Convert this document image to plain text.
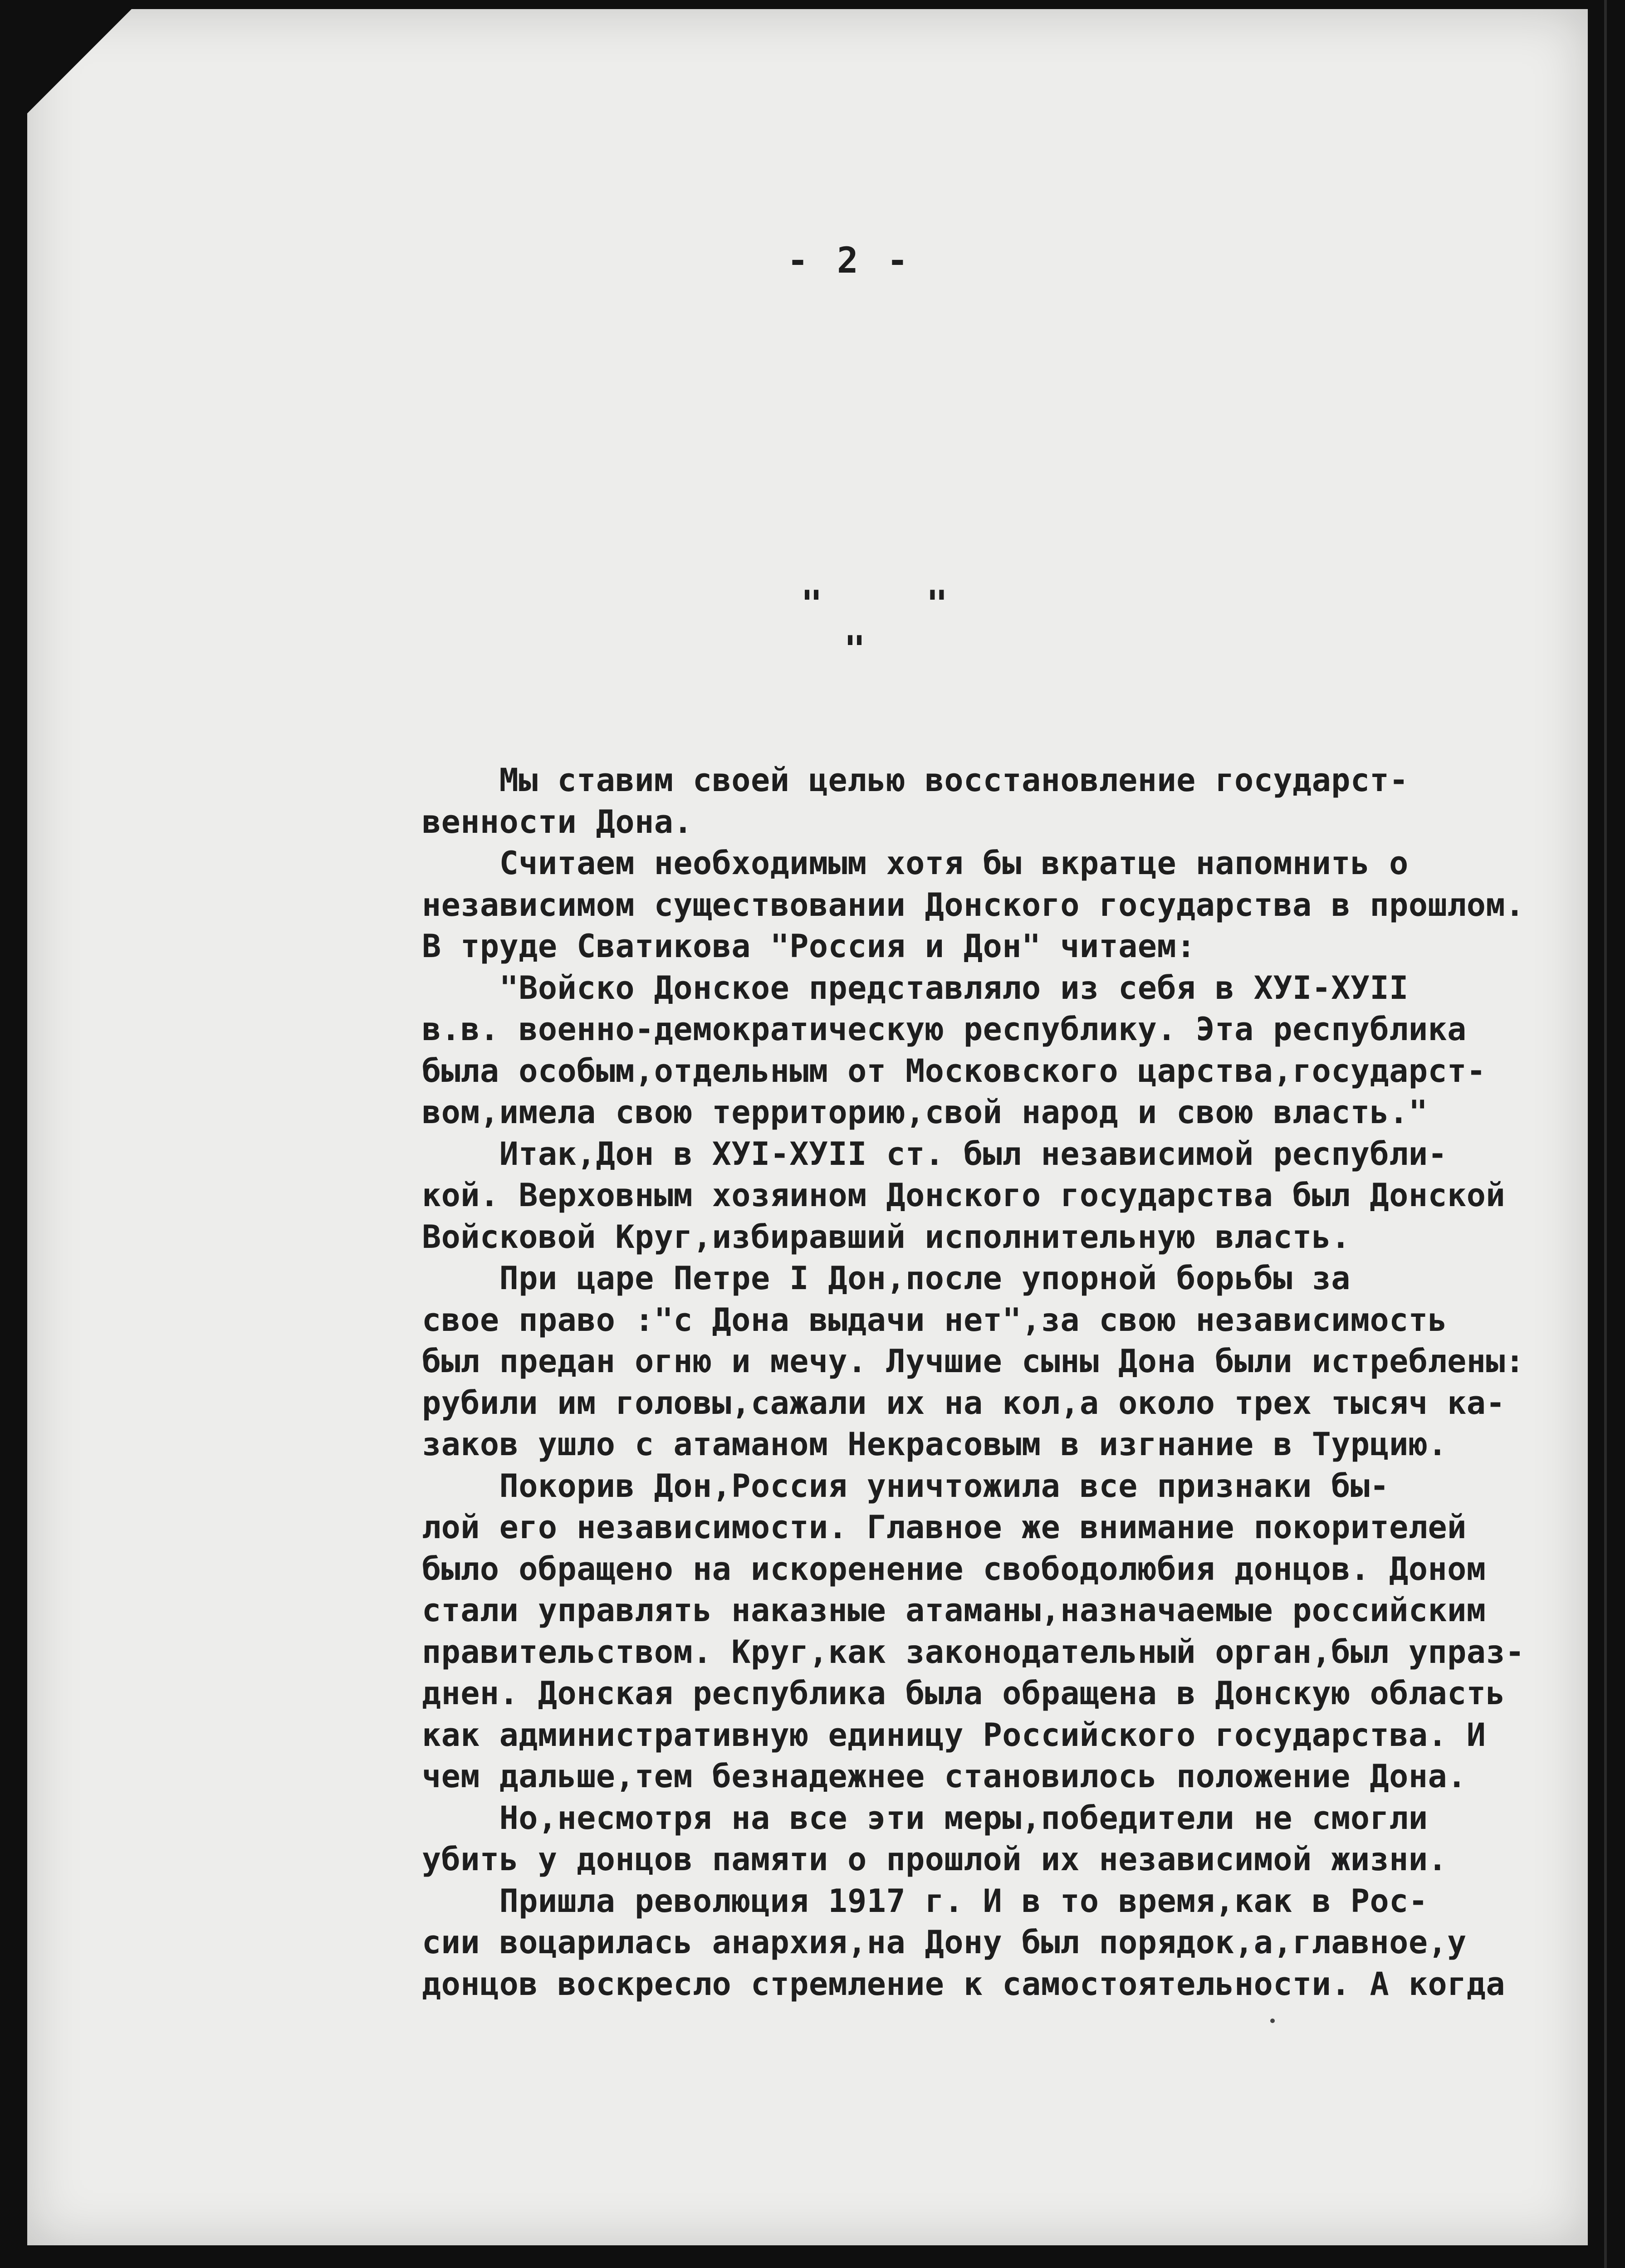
- 2 -
" "
"
Мы ставим своей целью восстановление государст-
венности Дона.
Считаем необходимым хотя бы вкратце напомнить о
независимом существовании Донского государства в прошлом.
В труде Сватикова "Россия и Дон" читаем:
"Войско Донское представляло из себя в ХУI-ХУII
в.в. военно-демократическую республику. Эта республика
была особым,отдельным от Московского царства,государст-
вом,имела свою территорию,свой народ и свою власть."
Итак,Дон в ХУI-ХУII ст. был независимой республи-
кой. Верховным хозяином Донского государства был Донской
Войсковой Круг,избиравший исполнительную власть.
При царе Петре I Дон,после упорной борьбы за
свое право :"с Дона выдачи нет",за свою независимость
был предан огню и мечу. Лучшие сыны Дона были истреблены:
рубили им головы,сажали их на кол,а около трех тысяч ка-
заков ушло с атаманом Некрасовым в изгнание в Турцию.
Покорив Дон,Россия уничтожила все признаки бы-
лой его независимости. Главное же внимание покорителей
было обращено на искоренение свободолюбия донцов. Доном
стали управлять наказные атаманы,назначаемые российским
правительством. Круг,как законодательный орган,был упраз-
днен. Донская республика была обращена в Донскую область
как административную единицу Российского государства. И
чем дальше,тем безнадежнее становилось положение Дона.
Но,несмотря на все эти меры,победители не смогли
убить у донцов памяти о прошлой их независимой жизни.
Пришла революция 1917 г. И в то время,как в Рос-
сии воцарилась анархия,на Дону был порядок,а,главное,у
донцов воскресло стремление к самостоятельности. А когда
